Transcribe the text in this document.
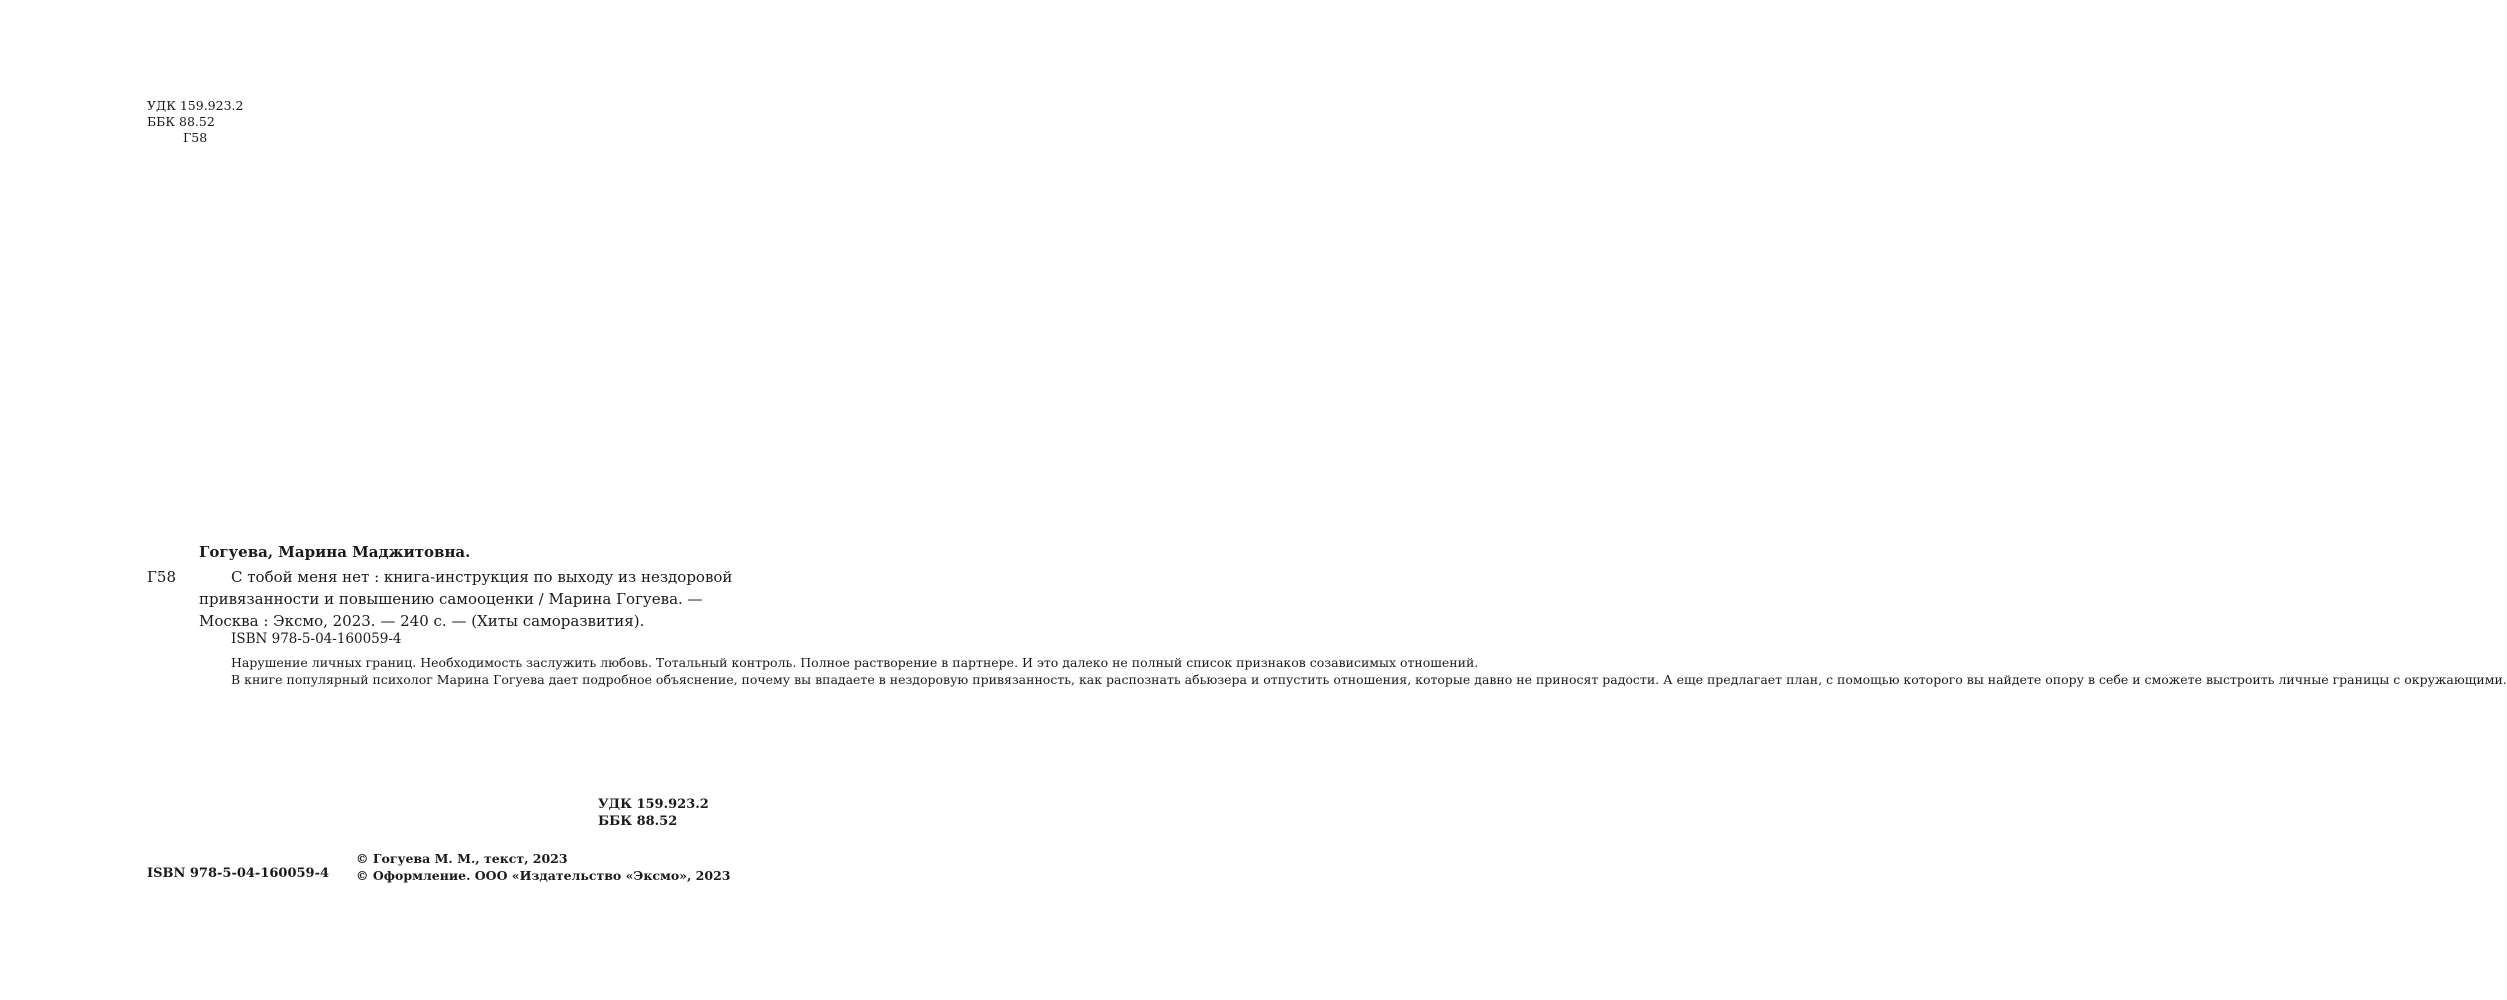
УДК 159.923.2
ББК 88.52
Г58
Гогуева, Марина Маджитовна.
Г58	С тобой меня нет : книга-инструкция по выходу из нездоровой
привязанности и повышению самооценки / Марина Гогуева. —
Москва : Эксмо, 2023. — 240 с. — (Хиты саморазвития).
ISBN 978-5-04-160059-4

Нарушение личных границ. Необходимость заслужить любовь. Тотальный контроль. Полное растворение в партнере. И это далеко не полный список признаков созависимых отношений.

В книге популярный психолог Марина Гогуева дает подробное объяснение, почему вы впадаете в нездоровую привязанность, как распознать абьюзера и отпустить отношения, которые давно не приносят радости. А еще предлагает план, с помощью которого вы найдете опору в себе и сможете выстроить личные границы с окружающими.

УДК 159.923.2
ББК 88.52
ISBN 978-5-04-160059-4
© Гогуева М. М., текст, 2023
© Оформление. ООО «Издательство «Эксмо», 2023
